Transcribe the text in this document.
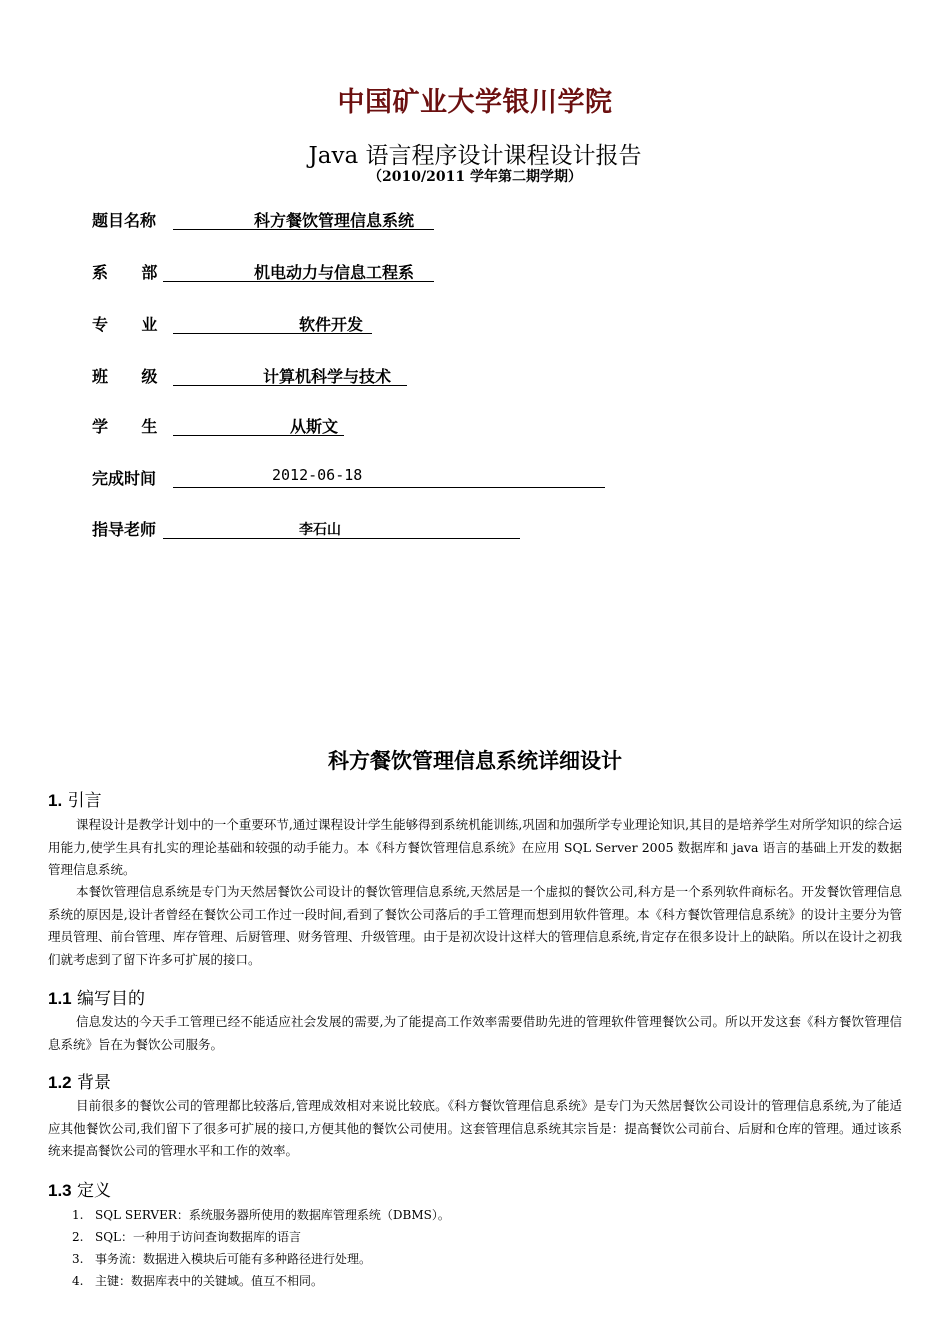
中国矿业大学银川学院
Java 语言程序设计课程设计报告
（2010/2011 学年第二期学期）
题目名称	科方餐饮管理信息系统
系      部	机电动力与信息工程系
专      业	软件开发
班      级	计算机科学与技术
学      生	从斯文
完成时间	2012-06-18
指导老师	李石山
科方餐饮管理信息系统详细设计
1. 引言
课程设计是教学计划中的一个重要环节,通过课程设计学生能够得到系统机能训练,巩固和加强所学专业理论知识,其目的是培养学生对所学知识的综合运用能力,使学生具有扎实的理论基础和较强的动手能力。本《科方餐饮管理信息系统》在应用 SQL Server 2005 数据库和 java 语言的基础上开发的数据管理信息系统。
本餐饮管理信息系统是专门为天然居餐饮公司设计的餐饮管理信息系统,天然居是一个虚拟的餐饮公司,科方是一个系列软件商标名。开发餐饮管理信息系统的原因是,设计者曾经在餐饮公司工作过一段时间,看到了餐饮公司落后的手工管理而想到用软件管理。本《科方餐饮管理信息系统》的设计主要分为管理员管理、前台管理、库存管理、后厨管理、财务管理、升级管理。由于是初次设计这样大的管理信息系统,肯定存在很多设计上的缺陷。所以在设计之初我们就考虑到了留下许多可扩展的接口。
1.1 编写目的
信息发达的今天手工管理已经不能适应社会发展的需要,为了能提高工作效率需要借助先进的管理软件管理餐饮公司。所以开发这套《科方餐饮管理信息系统》旨在为餐饮公司服务。
1.2 背景
目前很多的餐饮公司的管理都比较落后,管理成效相对来说比较底。《科方餐饮管理信息系统》是专门为天然居餐饮公司设计的管理信息系统,为了能适应其他餐饮公司,我们留下了很多可扩展的接口,方便其他的餐饮公司使用。这套管理信息系统其宗旨是：提高餐饮公司前台、后厨和仓库的管理。通过该系统来提高餐饮公司的管理水平和工作的效率。
1.3 定义
1. SQL SERVER：系统服务器所使用的数据库管理系统（DBMS）。
2. SQL：一种用于访问查询数据库的语言
3. 事务流：数据进入模块后可能有多种路径进行处理。
4. 主键：数据库表中的关键域。值互不相同。
